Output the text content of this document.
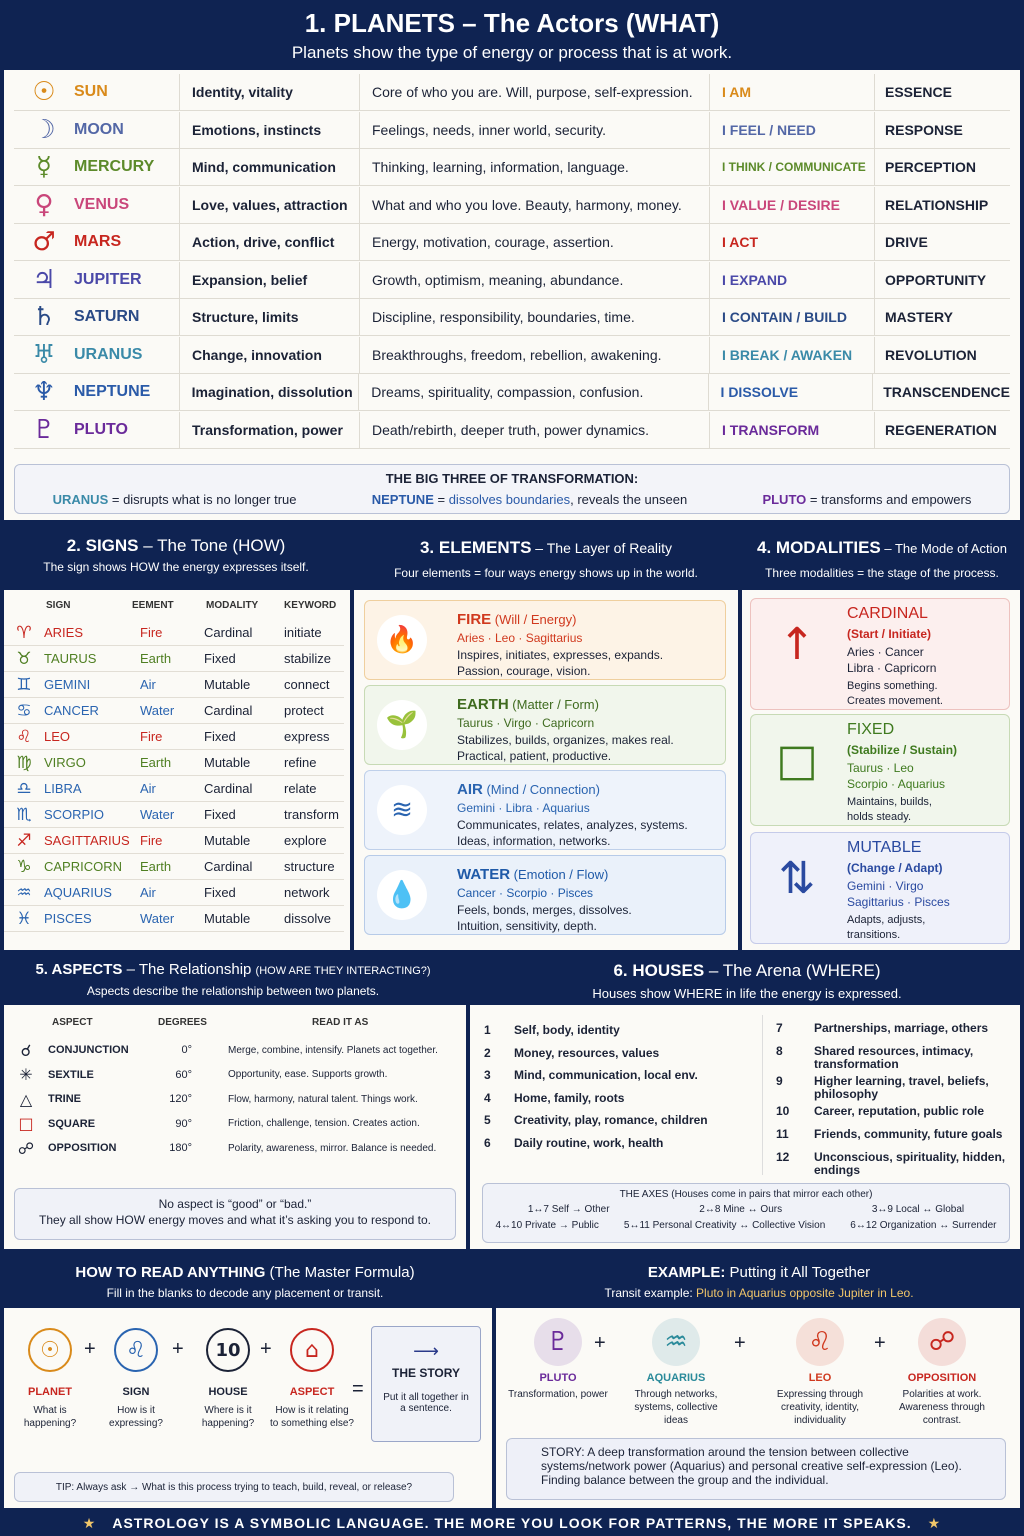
1. PLANETS – The Actors (WHAT)
Planets show the type of energy or process that is at work.
☉	SUN	Identity, vitality	Core of who you are. Will, purpose, self-expression.	I AM	ESSENCE
☽	MOON	Emotions, instincts	Feelings, needs, inner world, security.	I FEEL / NEED	RESPONSE
☿	MERCURY	Mind, communication	Thinking, learning, information, language.	I THINK / COMMUNICATE	PERCEPTION
♀	VENUS	Love, values, attraction	What and who you love. Beauty, harmony, money.	I VALUE / DESIRE	RELATIONSHIP
♂	MARS	Action, drive, conflict	Energy, motivation, courage, assertion.	I ACT	DRIVE
♃	JUPITER	Expansion, belief	Growth, optimism, meaning, abundance.	I EXPAND	OPPORTUNITY
♄	SATURN	Structure, limits	Discipline, responsibility, boundaries, time.	I CONTAIN / BUILD	MASTERY
♅	URANUS	Change, innovation	Breakthroughs, freedom, rebellion, awakening.	I BREAK / AWAKEN	REVOLUTION
♆	NEPTUNE	Imagination, dissolution	Dreams, spirituality, compassion, confusion.	I DISSOLVE	TRANSCENDENCE
♇	PLUTO	Transformation, power	Death/rebirth, deeper truth, power dynamics.	I TRANSFORM	REGENERATION
THE BIG THREE OF TRANSFORMATION:
URANUS = disrupts what is no longer true	NEPTUNE = dissolves boundaries, reveals the unseen	PLUTO = transforms and empowers
2. SIGNS – The Tone (HOW)
The sign shows HOW the energy expresses itself.
SIGN	EEMENT	MODALITY	KEYWORD
♈ ARIES	Fire	Cardinal	initiate
♉ TAURUS	Earth	Fixed	stabilize
♊ GEMINI	Air	Mutable	connect
♋ CANCER	Water	Cardinal	protect
♌ LEO	Fire	Fixed	express
♍ VIRGO	Earth	Mutable	refine
♎ LIBRA	Air	Cardinal	relate
♏ SCORPIO	Water	Fixed	transform
♐ SAGITTARIUS Fire	Mutable	explore
♑ CAPRICORN	Earth	Cardinal	structure
♒ AQUARIUS	Air	Fixed	network
♓ PISCES	Water	Mutable	dissolve
3. ELEMENTS – The Layer of Reality
Four elements = four ways energy shows up in the world.
🔥
FIRE (Will / Energy)
Aries · Leo · Sagittarius
Inspires, initiates, expresses, expands.
Passion, courage, vision.
🌱
EARTH (Matter / Form)
Taurus · Virgo · Capricorn
Stabilizes, builds, organizes, makes real.
Practical, patient, productive.
≋
AIR (Mind / Connection)
Gemini · Libra · Aquarius
Communicates, relates, analyzes, systems.
Ideas, information, networks.
💧
WATER (Emotion / Flow)
Cancer · Scorpio · Pisces
Feels, bonds, merges, dissolves.
Intuition, sensitivity, depth.
4. MODALITIES – The Mode of Action
Three modalities = the stage of the process.
↑
CARDINAL
(Start / Initiate)
Aries · Cancer
Libra · Capricorn
Begins something.
Creates movement.
□
FIXED
(Stabilize / Sustain)
Taurus · Leo
Scorpio · Aquarius
Maintains, builds,
holds steady.
⇅
MUTABLE
(Change / Adapt)
Gemini · Virgo
Sagittarius · Pisces
Adapts, adjusts,
transitions.
5. ASPECTS – The Relationship (HOW ARE THEY INTERACTING?)
Aspects describe the relationship between two planets.
ASPECT	DEGREES	READ IT AS
☌	CONJUNCTION	0°	Merge, combine, intensify. Planets act together.
✳	SEXTILE	60°	Opportunity, ease. Supports growth.
△	TRINE	120°	Flow, harmony, natural talent. Things work.
□	SQUARE	90°	Friction, challenge, tension. Creates action.
☍	OPPOSITION	180°	Polarity, awareness, mirror. Balance is needed.
No aspect is “good” or “bad.”
They all show HOW energy moves and what it’s asking you to respond to.
6. HOUSES – The Arena (WHERE)
Houses show WHERE in life the energy is expressed.
1	Self, body, identity
2	Money, resources, values
3	Mind, communication, local env.
4	Home, family, roots
5	Creativity, play, romance, children
6	Daily routine, work, health
7	Partnerships, marriage, others
8	Shared resources, intimacy, transformation
9	Higher learning, travel, beliefs, philosophy
10	Career, reputation, public role
11	Friends, community, future goals
12	Unconscious, spirituality, hidden, endings
THE AXES (Houses come in pairs that mirror each other)
1↔7 Self → Other	2↔8 Mine ↔ Ours	3↔9 Local ↔ Global
4↔10 Private → Public	5↔11 Personal Creativity ↔ Collective Vision	6↔12 Organization ↔ Surrender
HOW TO READ ANYTHING (The Master Formula)
Fill in the blanks to decode any placement or transit.
⟶
THE STORY
Put it all together in a sentence.
TIP: Always ask → What is this process trying to teach, build, reveal, or release?
☉
PLANET
What is happening?
♌
SIGN
How is it expressing?
10
HOUSE
Where is it happening?
⌂
ASPECT
How is it relating to something else?
+	+	+
=
EXAMPLE: Putting it All Together
Transit example: Pluto in Aquarius opposite Jupiter in Leo.
STORY: A deep transformation around the tension between collective systems/network power (Aquarius) and personal creative self-expression (Leo). Finding balance between the group and the individual.
♇
PLUTO
Transformation, power
♒
AQUARIUS
Through networks, systems, collective ideas
♌
LEO
Expressing through creativity, identity, individuality
☍
OPPOSITION
Polarities at work. Awareness through contrast.
+	+	+
★ ASTROLOGY IS A SYMBOLIC LANGUAGE. THE MORE YOU LOOK FOR PATTERNS, THE MORE IT SPEAKS. ★
